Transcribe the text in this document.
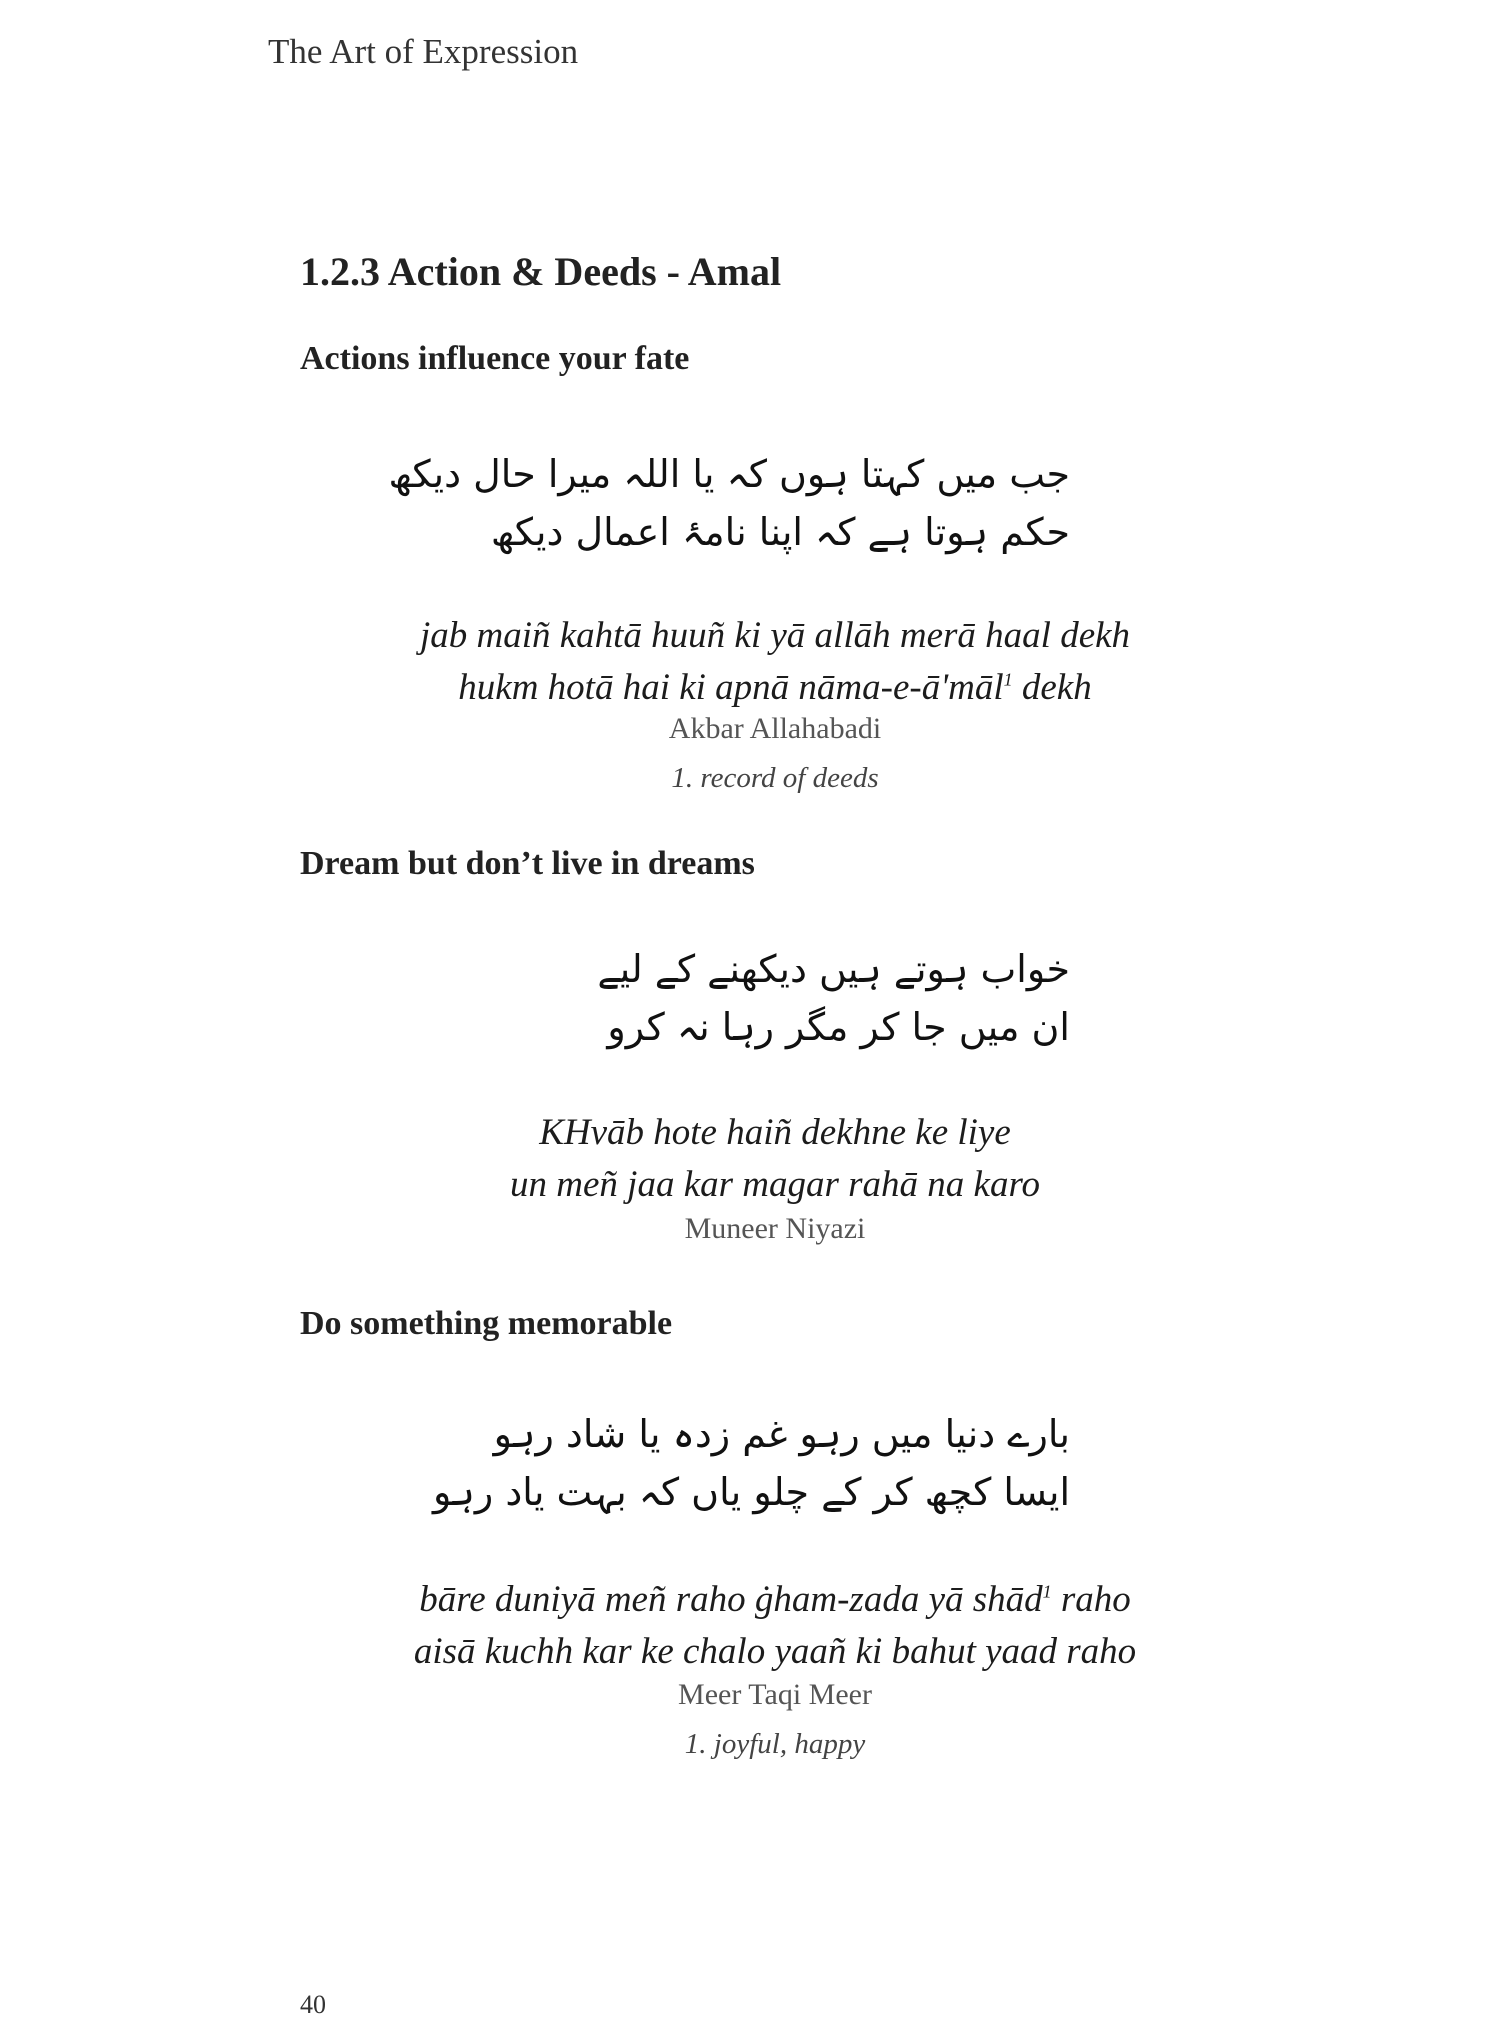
The Art of Expression
1.2.3 Action & Deeds - Amal
Actions influence your fate
جب میں کہتا ہوں کہ یا اللہ میرا حال دیکھ
حکم ہوتا ہے کہ اپنا نامۂ اعمال دیکھ
jab maiñ kahtā huuñ ki yā allāh merā haal dekh
hukm hotā hai ki apnā nāma-e-ā'māl$^1$ dekh
Akbar Allahabadi
1. record of deeds
Dream but don’t live in dreams
خواب ہوتے ہیں دیکھنے کے لیے
ان میں جا کر مگر رہا نہ کرو
KHvāb hote haiñ dekhne ke liye
un meñ jaa kar magar rahā na karo
Muneer Niyazi
Do something memorable
بارے دنیا میں رہو غم زدہ یا شاد رہو
ایسا کچھ کر کے چلو یاں کہ بہت یاد رہو
bāre duniyā meñ raho ġham-zada yā shād$^1$ raho
aisā kuchh kar ke chalo yaañ ki bahut yaad raho
Meer Taqi Meer
1. joyful, happy
40
